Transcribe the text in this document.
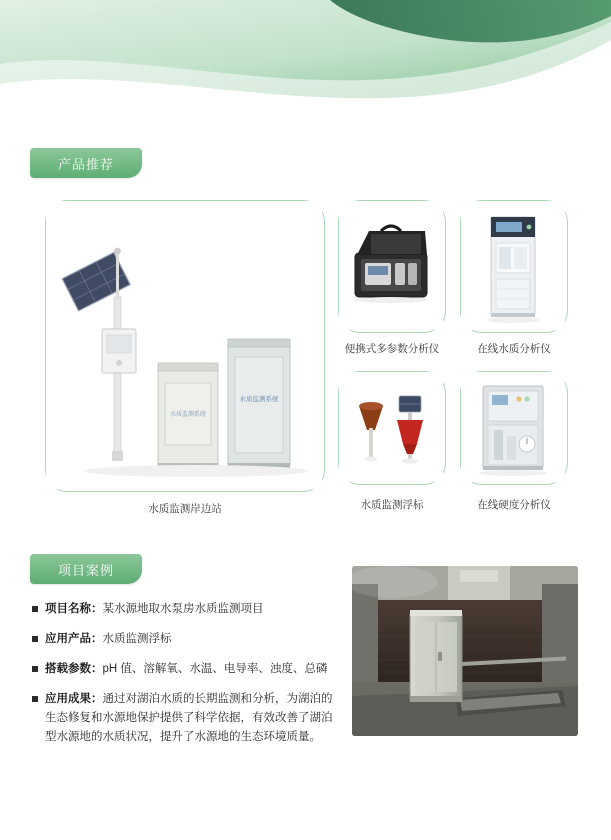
产品推荐
水质监测系统
水质监测系统
水质监测岸边站
便携式多参数分析仪	在线水质分析仪
水质监测浮标	在线硬度分析仪
项目案例
项目名称：某水源地取水泵房水质监测项目
应用产品：水质监测浮标
搭载参数：pH 值、溶解氧、水温、电导率、浊度、总磷
应用成果：通过对湖泊水质的长期监测和分析，为湖泊的生态修复和水源地保护提供了科学依据，有效改善了湖泊型水源地的水质状况，提升了水源地的生态环境质量。
